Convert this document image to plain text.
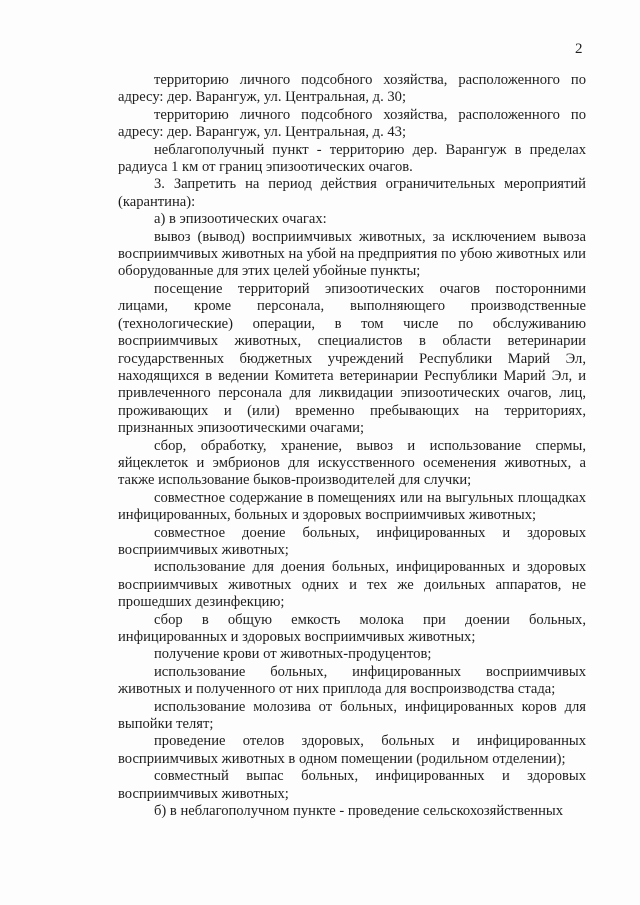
2

территорию личного подсобного хозяйства, расположенного по адресу: дер. Варангуж, ул. Центральная, д. 30;

территорию личного подсобного хозяйства, расположенного по адресу: дер. Варангуж, ул. Центральная, д. 43;

неблагополучный пункт - территорию дер. Варангуж в пределах радиуса 1 км от границ эпизоотических очагов.

3. Запретить на период действия ограничительных мероприятий (карантина):

а) в эпизоотических очагах:

вывоз (вывод) восприимчивых животных, за исключением вывоза восприимчивых животных на убой на предприятия по убою животных или оборудованные для этих целей убойные пункты;

посещение территорий эпизоотических очагов посторонними лицами, кроме персонала, выполняющего производственные (технологические) операции, в том числе по обслуживанию восприимчивых животных, специалистов в области ветеринарии государственных бюджетных учреждений Республики Марий Эл, находящихся в ведении Комитета ветеринарии Республики Марий Эл, и привлеченного персонала для ликвидации эпизоотических очагов, лиц, проживающих и (или) временно пребывающих на территориях, признанных эпизоотическими очагами;

сбор, обработку, хранение, вывоз и использование спермы, яйцеклеток и эмбрионов для искусственного осеменения животных, а также использование быков-производителей для случки;

совместное содержание в помещениях или на выгульных площадках инфицированных, больных и здоровых восприимчивых животных;

совместное доение больных, инфицированных и здоровых восприимчивых животных;

использование для доения больных, инфицированных и здоровых восприимчивых животных одних и тех же доильных аппаратов, не прошедших дезинфекцию;

сбор в общую емкость молока при доении больных, инфицированных и здоровых восприимчивых животных;

получение крови от животных-продуцентов;

использование больных, инфицированных восприимчивых животных и полученного от них приплода для воспроизводства стада;

использование молозива от больных, инфицированных коров для выпойки телят;

проведение отелов здоровых, больных и инфицированных восприимчивых животных в одном помещении (родильном отделении);

совместный выпас больных, инфицированных и здоровых восприимчивых животных;

б) в неблагополучном пункте - проведение сельскохозяйственных
